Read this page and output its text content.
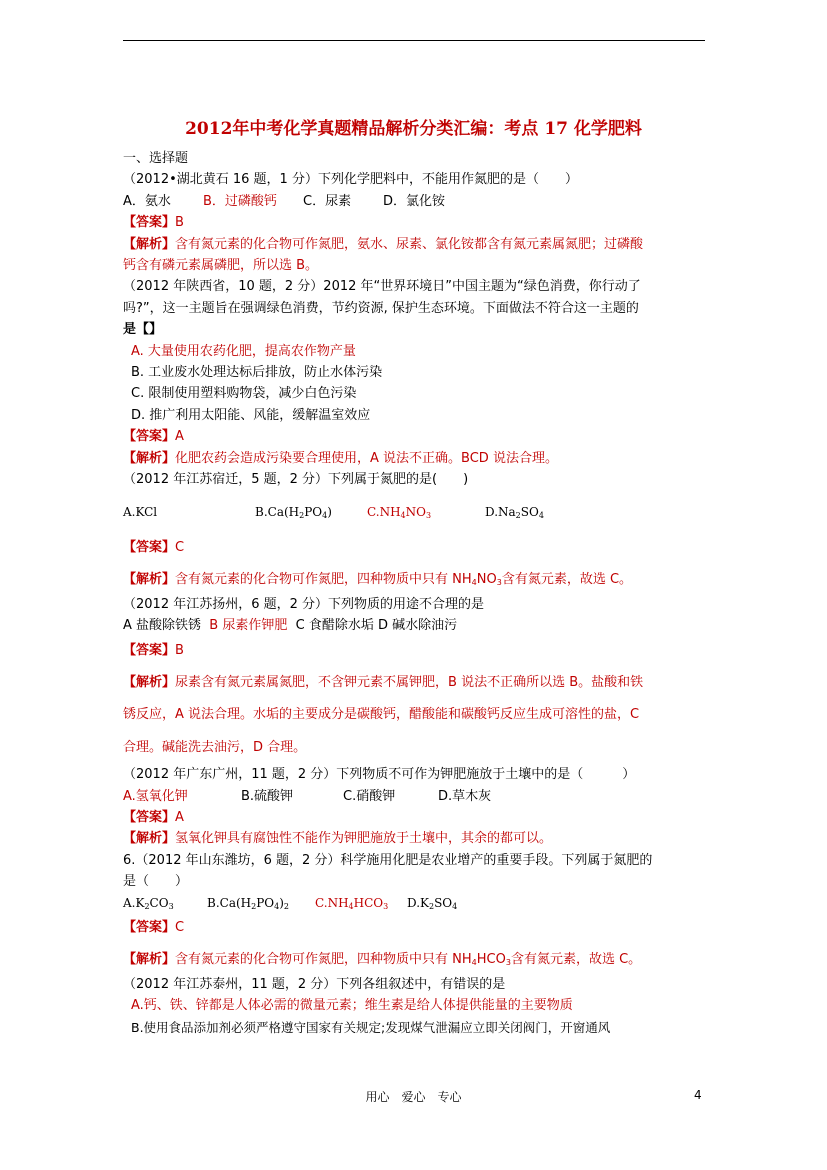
2012年中考化学真题精品解析分类汇编：考点 17 化学肥料
一、选择题
（2012•湖北黄石 16 题，1 分）下列化学肥料中，不能用作氮肥的是（　　）
A．氨水 B．过磷酸钙 C．尿素 D．氯化铵
【答案】B
【解析】含有氮元素的化合物可作氮肥，氨水、尿素、氯化铵都含有氮元素属氮肥；过磷酸
钙含有磷元素属磷肥，所以选 B。
（2012 年陕西省，10 题，2 分）2012 年“世界环境日”中国主题为“绿色消费，你行动了
吗?”，这一主题旨在强调绿色消费，节约资源, 保护生态环境。下面做法不符合这一主题的
是【】
A. 大量使用农药化肥，提高农作物产量
B. 工业废水处理达标后排放，防止水体污染
C. 限制使用塑料购物袋，减少白色污染
D. 推广利用太阳能、风能，缓解温室效应
【答案】A
【解析】化肥农药会造成污染要合理使用，A 说法不正确。BCD 说法合理。
（2012 年江苏宿迁，5 题，2 分）下列属于氮肥的是(　　)
A.KCl	$B.Ca(H_2PO_4)$	$C.NH_4NO_3$	$D.Na_2SO_4$
【答案】C
【解析】含有氮元素的化合物可作氮肥，四种物质中只有 $NH_4NO_3$含有氮元素，故选 C。
（2012 年江苏扬州，6 题，2 分）下列物质的用途不合理的是
A 盐酸除铁锈 B 尿素作钾肥 C 食醋除水垢 D 碱水除油污
【答案】B
【解析】尿素含有氮元素属氮肥，不含钾元素不属钾肥，B 说法不正确所以选 B。盐酸和铁
锈反应，A 说法合理。水垢的主要成分是碳酸钙，醋酸能和碳酸钙反应生成可溶性的盐，C
合理。碱能洗去油污，D 合理。
（2012 年广东广州，11 题，2 分）下列物质不可作为钾肥施放于土壤中的是（　　　）
A.氢氧化钾	B.硫酸钾	C.硝酸钾	D.草木灰
【答案】A
【解析】氢氧化钾具有腐蚀性不能作为钾肥施放于土壤中，其余的都可以。
6.（2012 年山东潍坊，6 题，2 分）科学施用化肥是农业增产的重要手段。下列属于氮肥的
是（　　）
$A.K_2CO_3$	$B.Ca(H_2PO_4)_2$ $C.NH_4HCO_3$ $D.K_2SO_4$
【答案】C
【解析】含有氮元素的化合物可作氮肥，四种物质中只有 $NH_4HCO_3$含有氮元素，故选 C。
（2012 年江苏泰州，11 题，2 分）下列各组叙述中，有错误的是
A.钙、铁、锌都是人体必需的微量元素；维生素是给人体提供能量的主要物质
B.使用食品添加剂必须严格遵守国家有关规定;发现煤气泄漏应立即关闭阀门，开窗通风
用心　爱心　专心	4
